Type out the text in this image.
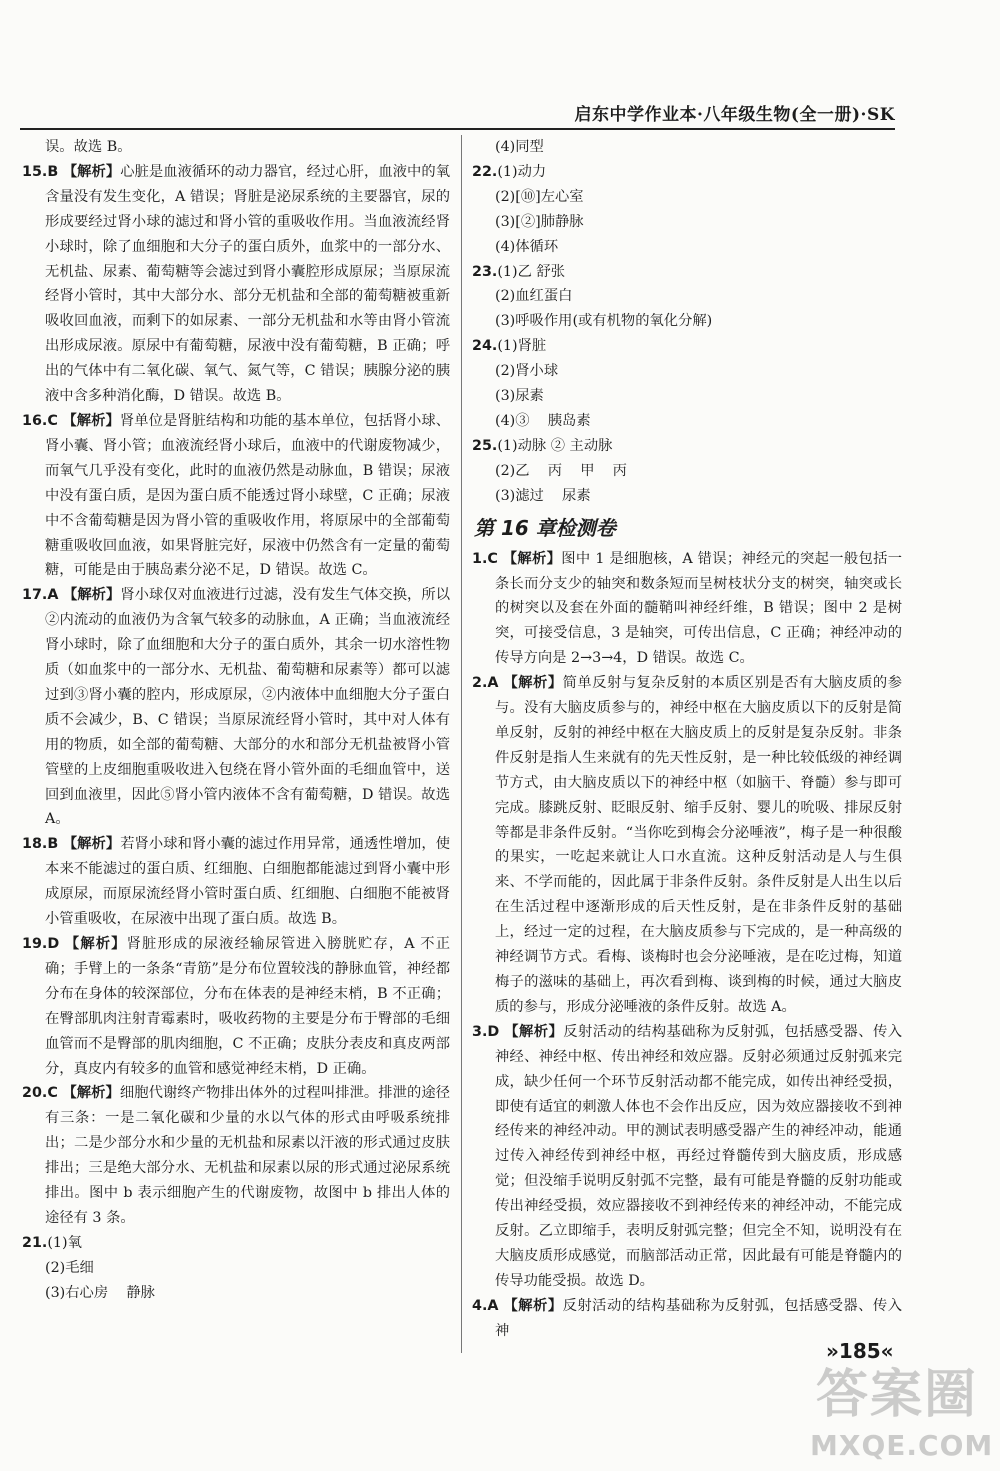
启东中学作业本·八年级生物(全一册)·SK

误。故选 B。

15.B 【解析】心脏是血液循环的动力器官，经过心肝，血液中的氧含量没有发生变化，A 错误；肾脏是泌尿系统的主要器官，尿的形成要经过肾小球的滤过和肾小管的重吸收作用。当血液流经肾小球时，除了血细胞和大分子的蛋白质外，血浆中的一部分水、无机盐、尿素、葡萄糖等会滤过到肾小囊腔形成原尿；当原尿流经肾小管时，其中大部分水、部分无机盐和全部的葡萄糖被重新吸收回血液，而剩下的如尿素、一部分无机盐和水等由肾小管流出形成尿液。原尿中有葡萄糖，尿液中没有葡萄糖，B 正确；呼出的气体中有二氧化碳、氧气、氮气等，C 错误；胰腺分泌的胰液中含多种消化酶，D 错误。故选 B。

16.C 【解析】肾单位是肾脏结构和功能的基本单位，包括肾小球、肾小囊、肾小管；血液流经肾小球后，血液中的代谢废物减少，而氧气几乎没有变化，此时的血液仍然是动脉血，B 错误；尿液中没有蛋白质，是因为蛋白质不能透过肾小球壁，C 正确；尿液中不含葡萄糖是因为肾小管的重吸收作用，将原尿中的全部葡萄糖重吸收回血液，如果肾脏完好，尿液中仍然含有一定量的葡萄糖，可能是由于胰岛素分泌不足，D 错误。故选 C。

17.A 【解析】肾小球仅对血液进行过滤，没有发生气体交换，所以②内流动的血液仍为含氧气较多的动脉血，A 正确；当血液流经肾小球时，除了血细胞和大分子的蛋白质外，其余一切水溶性物质（如血浆中的一部分水、无机盐、葡萄糖和尿素等）都可以滤过到③肾小囊的腔内，形成原尿，②内液体中血细胞大分子蛋白质不会减少，B、C 错误；当原尿流经肾小管时，其中对人体有用的物质，如全部的葡萄糖、大部分的水和部分无机盐被肾小管管壁的上皮细胞重吸收进入包绕在肾小管外面的毛细血管中，送回到血液里，因此⑤肾小管内液体不含有葡萄糖，D 错误。故选 A。

18.B 【解析】若肾小球和肾小囊的滤过作用异常，通透性增加，使本来不能滤过的蛋白质、红细胞、白细胞都能滤过到肾小囊中形成原尿，而原尿流经肾小管时蛋白质、红细胞、白细胞不能被肾小管重吸收，在尿液中出现了蛋白质。故选 B。

19.D 【解析】肾脏形成的尿液经输尿管进入膀胱贮存，A 不正确；手臂上的一条条“青筋”是分布位置较浅的静脉血管，神经都分布在身体的较深部位，分布在体表的是神经末梢，B 不正确；在臀部肌肉注射青霉素时，吸收药物的主要是分布于臀部的毛细血管而不是臀部的肌肉细胞，C 不正确；皮肤分表皮和真皮两部分，真皮内有较多的血管和感觉神经末梢，D 正确。

20.C 【解析】细胞代谢终产物排出体外的过程叫排泄。排泄的途径有三条：一是二氧化碳和少量的水以气体的形式由呼吸系统排出；二是少部分水和少量的无机盐和尿素以汗液的形式通过皮肤排出；三是绝大部分水、无机盐和尿素以尿的形式通过泌尿系统排出。图中 b 表示细胞产生的代谢废物，故图中 b 排出人体的途径有 3 条。

21.(1)氧

(2)毛细

(3)右心房    静脉

(4)同型

22.(1)动力

(2)[⑩]左心室

(3)[②]肺静脉

(4)体循环

23.(1)乙 舒张

(2)血红蛋白

(3)呼吸作用(或有机物的氧化分解)

24.(1)肾脏

(2)肾小球

(3)尿素

(4)③    胰岛素

25.(1)动脉 ② 主动脉

(2)乙    丙    甲    丙

(3)滤过    尿素

第 16 章检测卷

1.C 【解析】图中 1 是细胞核，A 错误；神经元的突起一般包括一条长而分支少的轴突和数条短而呈树枝状分支的树突，轴突或长的树突以及套在外面的髓鞘叫神经纤维，B 错误；图中 2 是树突，可接受信息，3 是轴突，可传出信息，C 正确；神经冲动的传导方向是 2→3→4，D 错误。故选 C。

2.A 【解析】简单反射与复杂反射的本质区别是否有大脑皮质的参与。没有大脑皮质参与的，神经中枢在大脑皮质以下的反射是简单反射，反射的神经中枢在大脑皮质上的反射是复杂反射。非条件反射是指人生来就有的先天性反射，是一种比较低级的神经调节方式，由大脑皮质以下的神经中枢（如脑干、脊髓）参与即可完成。膝跳反射、眨眼反射、缩手反射、婴儿的吮吸、排尿反射等都是非条件反射。“当你吃到梅会分泌唾液”，梅子是一种很酸的果实，一吃起来就让人口水直流。这种反射活动是人与生俱来、不学而能的，因此属于非条件反射。条件反射是人出生以后在生活过程中逐渐形成的后天性反射，是在非条件反射的基础上，经过一定的过程，在大脑皮质参与下完成的，是一种高级的神经调节方式。看梅、谈梅时也会分泌唾液，是在吃过梅，知道梅子的滋味的基础上，再次看到梅、谈到梅的时候，通过大脑皮质的参与，形成分泌唾液的条件反射。故选 A。

3.D 【解析】反射活动的结构基础称为反射弧，包括感受器、传入神经、神经中枢、传出神经和效应器。反射必须通过反射弧来完成，缺少任何一个环节反射活动都不能完成，如传出神经受损，即使有适宜的刺激人体也不会作出反应，因为效应器接收不到神经传来的神经冲动。甲的测试表明感受器产生的神经冲动，能通过传入神经传到神经中枢，再经过脊髓传到大脑皮质，形成感觉；但没缩手说明反射弧不完整，最有可能是脊髓的反射功能或传出神经受损，效应器接收不到神经传来的神经冲动，不能完成反射。乙立即缩手，表明反射弧完整；但完全不知，说明没有在大脑皮质形成感觉，而脑部活动正常，因此最有可能是脊髓内的传导功能受损。故选 D。

4.A 【解析】反射活动的结构基础称为反射弧，包括感受器、传入神

»185«
答案圈
MXQE.COM
